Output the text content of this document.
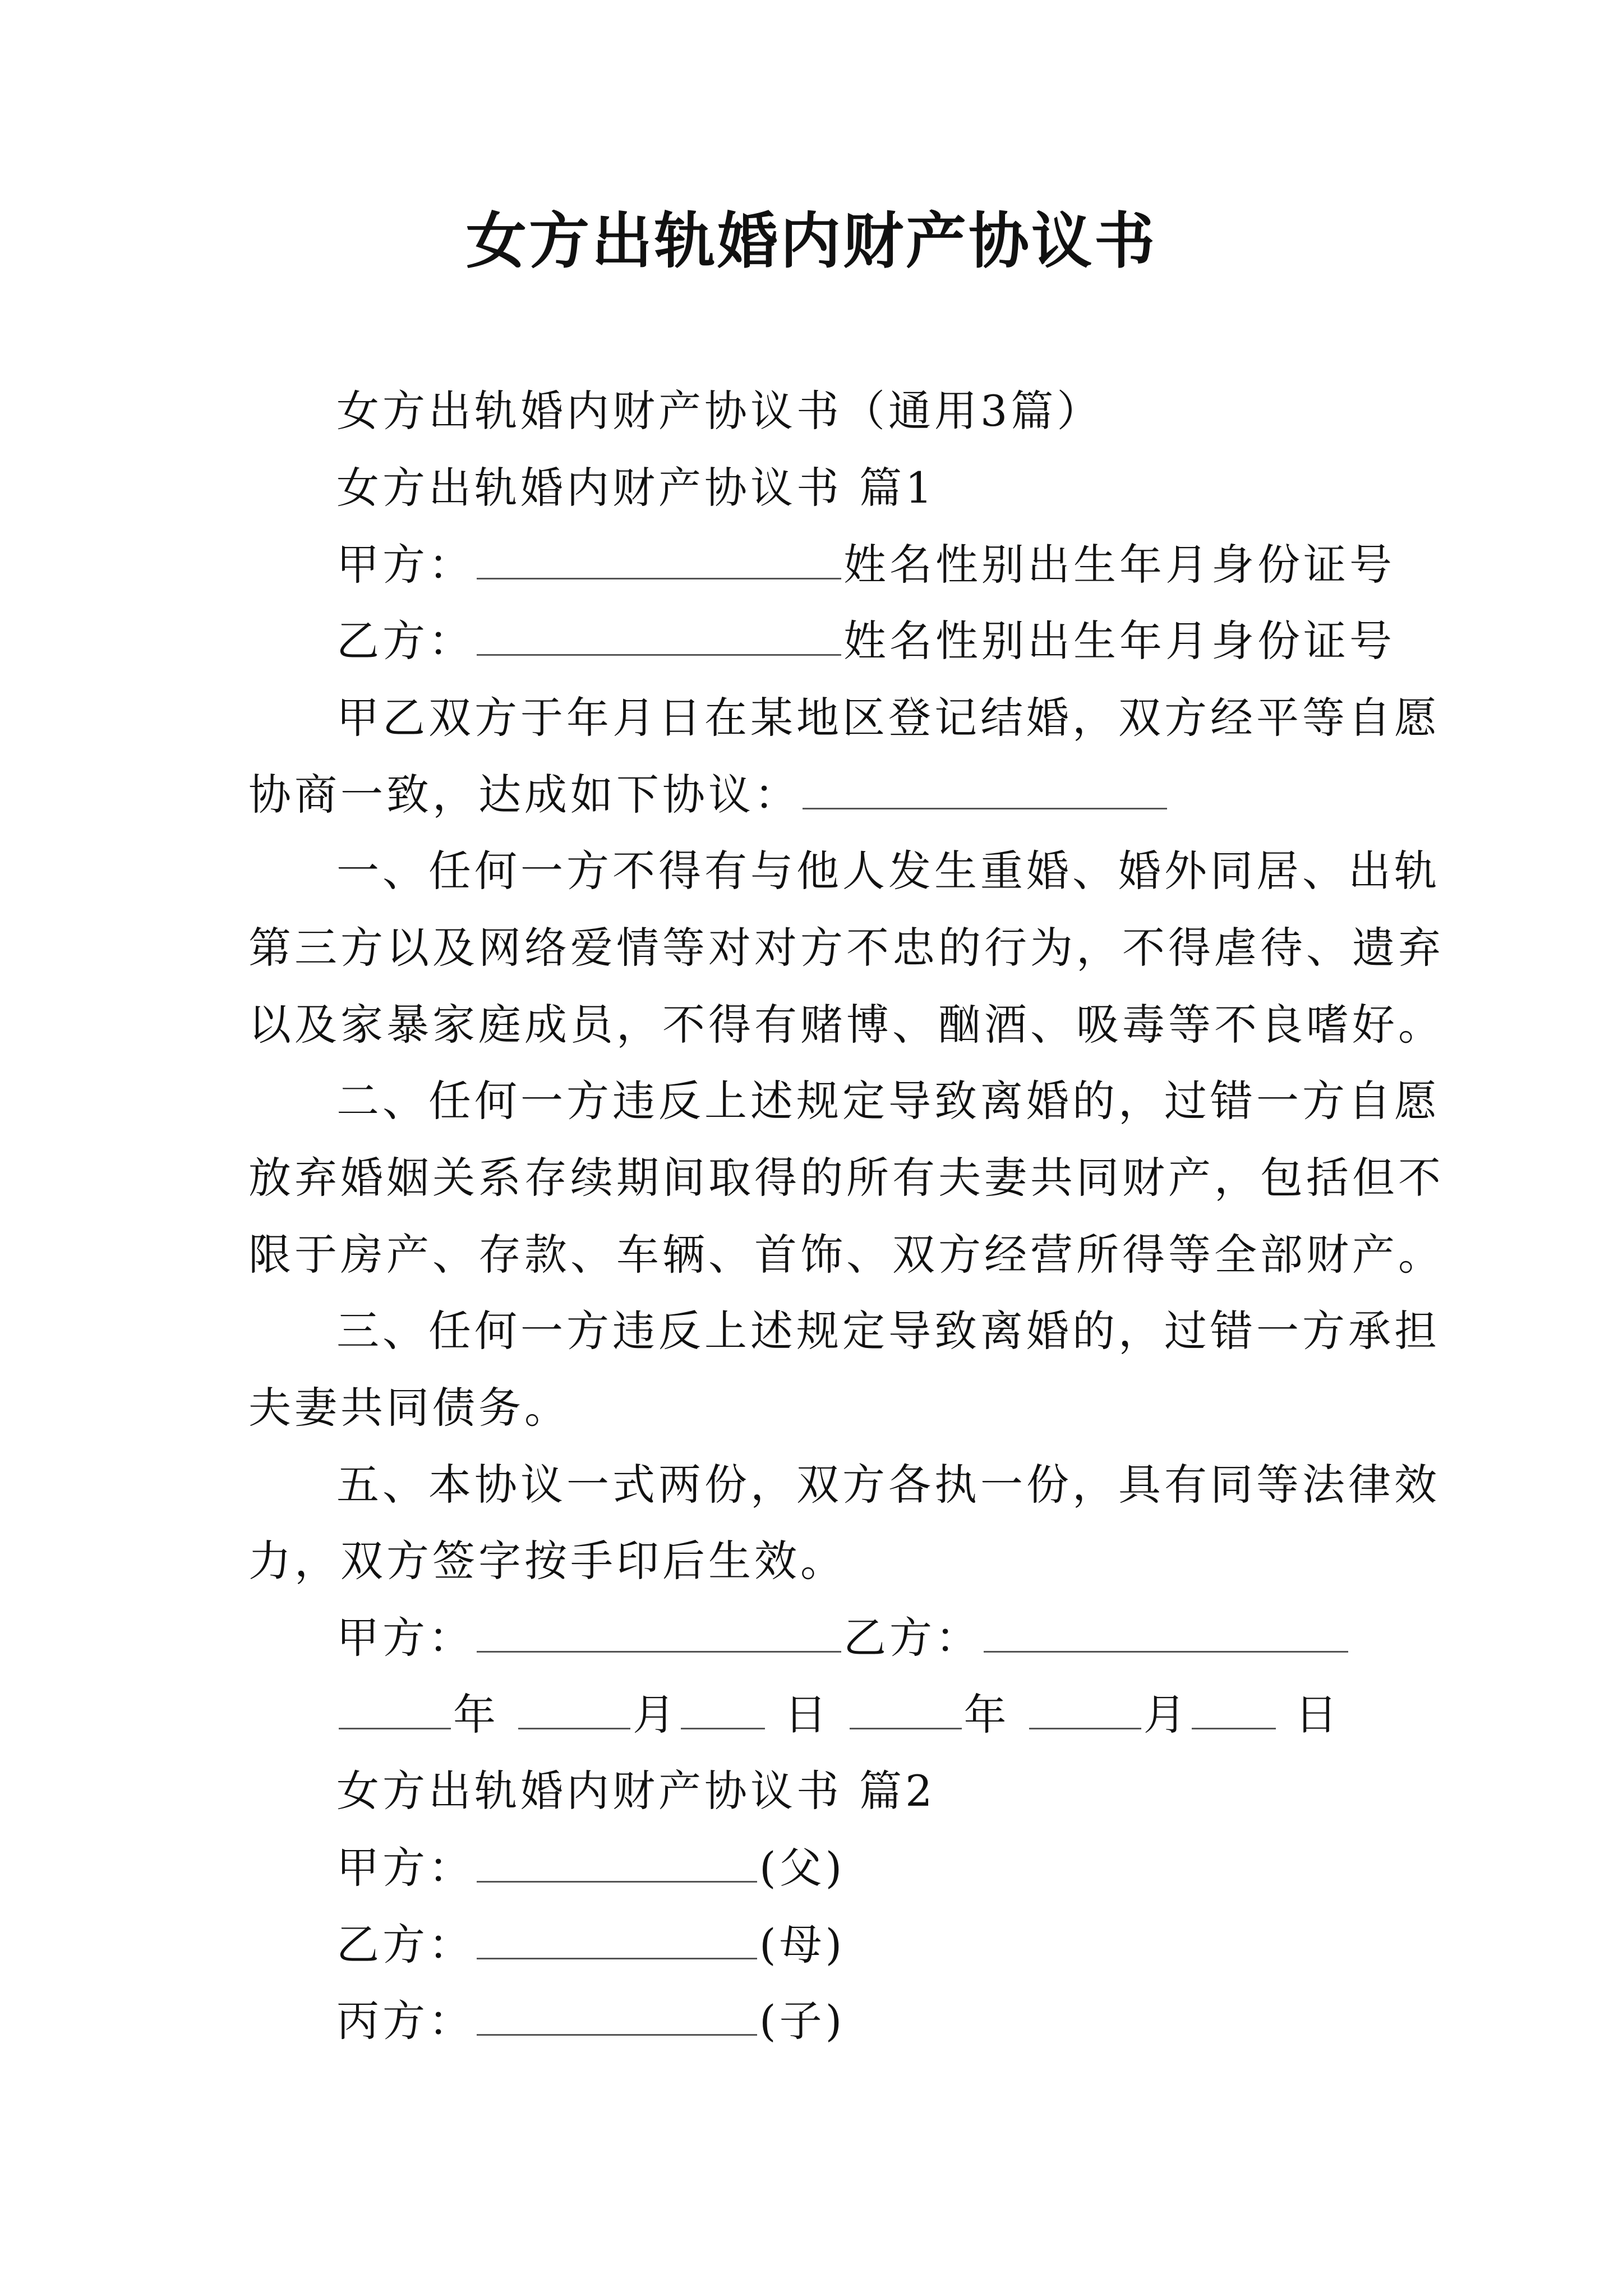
女方出轨婚内财产协议书
女方出轨婚内财产协议书（通用3篇）
女方出轨婚内财产协议书 篇1
甲方：	姓名性别出生年月身份证号
乙方：	姓名性别出生年月身份证号
甲乙双方于年月日在某地区登记结婚，双方经平等自愿
协商一致，达成如下协议：
一、任何一方不得有与他人发生重婚、婚外同居、出轨
第三方以及网络爱情等对对方不忠的行为，不得虐待、遗弃
以及家暴家庭成员，不得有赌博、酗酒、吸毒等不良嗜好。
二、任何一方违反上述规定导致离婚的，过错一方自愿
放弃婚姻关系存续期间取得的所有夫妻共同财产，包括但不
限于房产、存款、车辆、首饰、双方经营所得等全部财产。
三、任何一方违反上述规定导致离婚的，过错一方承担
夫妻共同债务。
五、本协议一式两份，双方各执一份，具有同等法律效
力，双方签字按手印后生效。
甲方：	乙方：
年	月 日	年	月 日
女方出轨婚内财产协议书 篇2
甲方：	(父)
乙方：	(母)
丙方：	(子)
